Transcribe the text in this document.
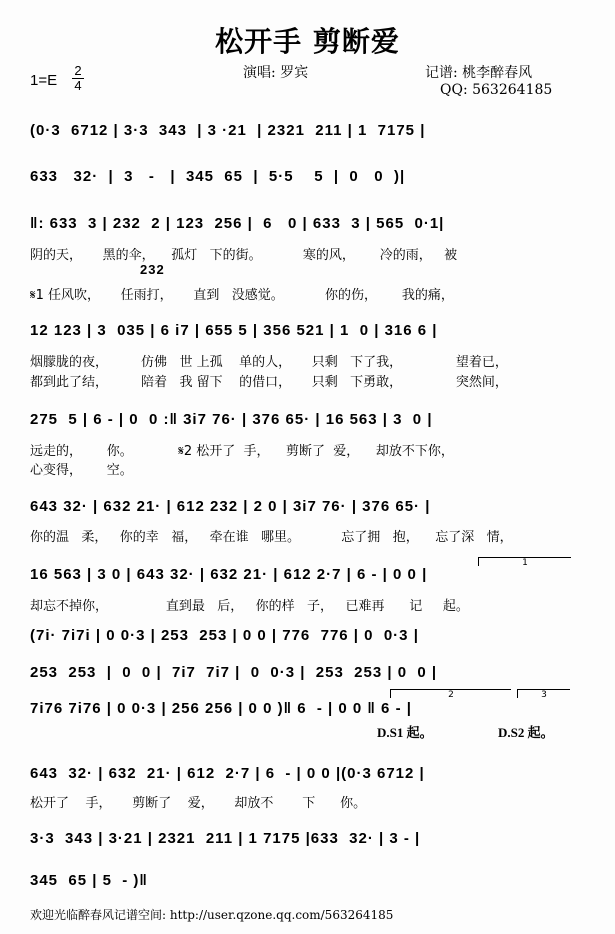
松开手 剪断爱
演唱: 罗宾	记谱: 桃李醉春风
QQ: 563264185
$1=E \frac{2}{4}$
(0·3  6712 | 3·3  343  | 3 ·21  | 2321  211 | 1  7175 |
633   32·  |  3   -   |  345  65  |  5·5    5  |  0   0  )|
‖: 633  3 | 232  2 | 123  256 |  6   0 | 633  3 | 565  0·1|
阴的天，     黑的伞，    孤灯   下的街。          寒的风，      冷的雨，   被
232
𝄋1 任风吹，     任雨打，     直到   没感觉。          你的伤，      我的痛，
12 123 | 3  035 | 6 i7 | 655 5 | 356 521 | 1  0 | 316 6 |
烟朦胧的夜，        仿佛   世 上孤    单的人，     只剩   下了我，             望着已，
都到此了结，        陪着   我 留下    的借口，     只剩   下勇敢，             突然间，
275  5 | 6 - | 0  0 :‖ 3i7 76· | 376 65· | 16 563 | 3  0 |
远走的，      你。           𝄋2 松开了  手，    剪断了  爱，    却放不下你，
心变得，      空。
643 32· | 632 21· | 612 232 | 2 0 | 3i7 76· | 376 65· |
你的温   柔，   你的幸   福，   牵在谁   哪里。          忘了拥   抱，    忘了深   情，
1
16 563 | 3 0 | 643 32· | 632 21· | 612 2·7 | 6 - | 0 0 |
却忘不掉你，              直到最   后，   你的样   子，   已难再      记     起。
(7i· 7i7i | 0 0·3 | 253  253 | 0 0 | 776  776 | 0  0·3 |
253  253  |  0  0 |  7i7  7i7 |  0  0·3 |  253  253 | 0  0 |
2	3
7i76 7i76 | 0 0·3 | 256 256 | 0 0 )‖ 6  - | 0 0 ‖ 6 - |
D.S1 起。	D.S2 起。
643  32· | 632  21· | 612  2·7 | 6  - | 0 0 |(0·3 6712 |
松开了    手，     剪断了    爱，     却放不       下      你。
3·3  343 | 3·21 | 2321  211 | 1 7175 |633  32· | 3 - |
345  65 | 5  - )‖
欢迎光临醉春风记谱空间: http://user.qzone.qq.com/563264185
